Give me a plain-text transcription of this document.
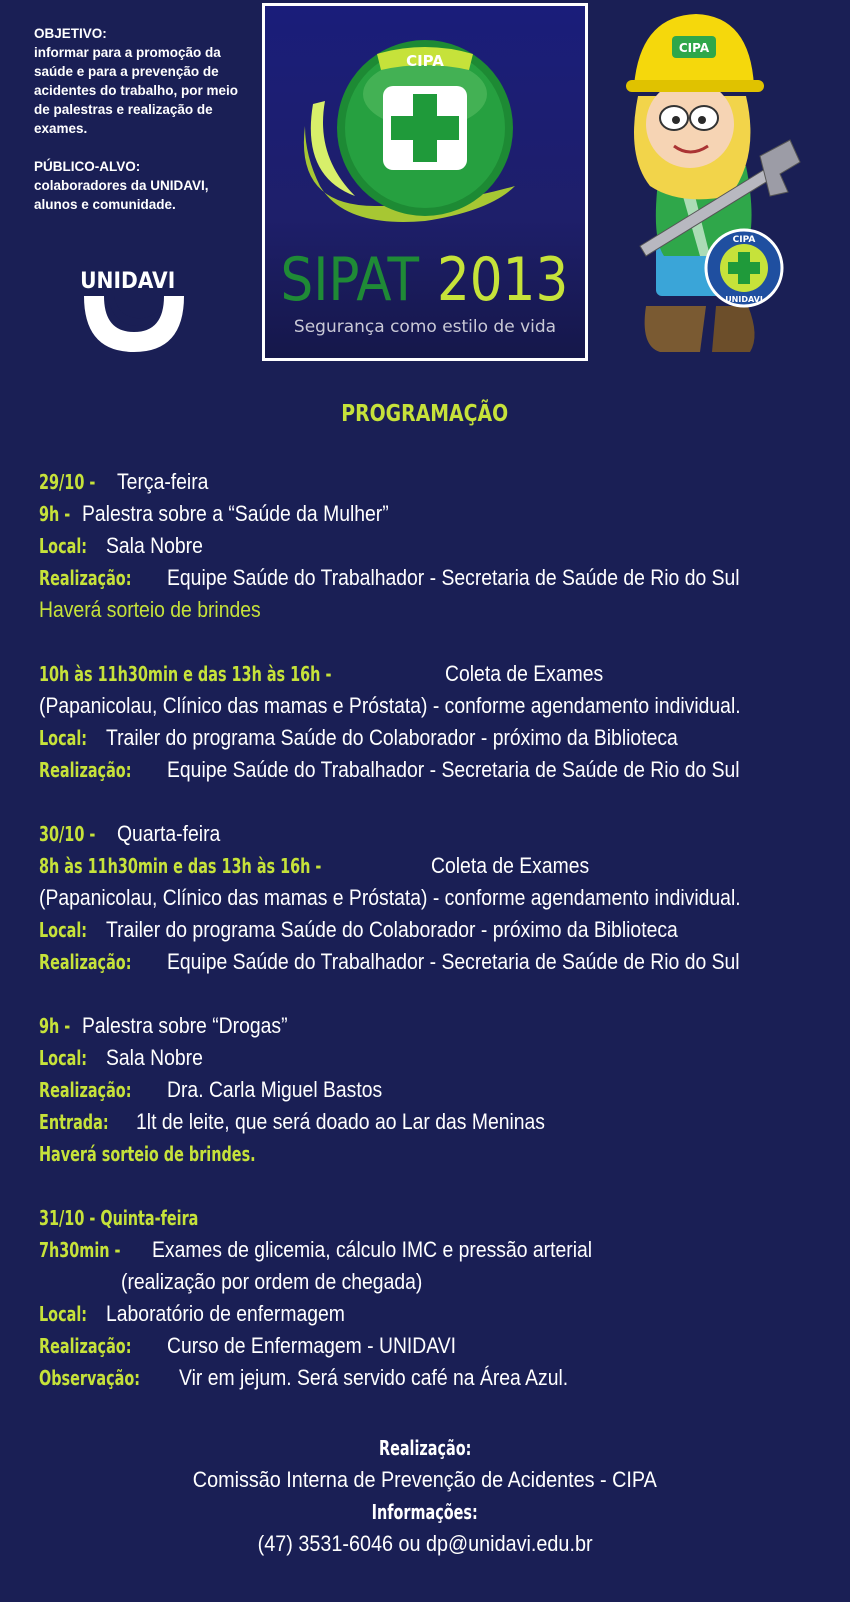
OBJETIVO:
informar para a promoção da saúde e para a prevenção de acidentes do trabalho, por meio de palestras e realização de exames.

PÚBLICO-ALVO:
colaboradores da UNIDAVI, alunos e comunidade.

UNIDAVI
CIPA
SIPAT 2013
Segurança como estilo de vida
CIPA
CIPA
UNIDAVI
PROGRAMAÇÃO
29/10 - Terça-feira
9h - Palestra sobre a “Saúde da Mulher”
Local: Sala Nobre
Realização: Equipe Saúde do Trabalhador - Secretaria de Saúde de Rio do Sul
Haverá sorteio de brindes
10h às 11h30min e das 13h às 16h -	Coleta de Exames
(Papanicolau, Clínico das mamas e Próstata) - conforme agendamento individual.
Local: Trailer do programa Saúde do Colaborador - próximo da Biblioteca
Realização: Equipe Saúde do Trabalhador - Secretaria de Saúde de Rio do Sul
30/10 - Quarta-feira
8h às 11h30min e das 13h às 16h -	Coleta de Exames
(Papanicolau, Clínico das mamas e Próstata) - conforme agendamento individual.
Local: Trailer do programa Saúde do Colaborador - próximo da Biblioteca
Realização: Equipe Saúde do Trabalhador - Secretaria de Saúde de Rio do Sul
9h - Palestra sobre “Drogas”
Local: Sala Nobre
Realização: Dra. Carla Miguel Bastos
Entrada: 1lt de leite, que será doado ao Lar das Meninas
Haverá sorteio de brindes.
31/10 - Quinta-feira
7h30min - Exames de glicemia, cálculo IMC e pressão arterial
(realização por ordem de chegada)
Local: Laboratório de enfermagem
Realização: Curso de Enfermagem - UNIDAVI
Observação: Vir em jejum. Será servido café na Área Azul.
Realização:
Comissão Interna de Prevenção de Acidentes - CIPA
Informações:
(47) 3531-6046 ou dp@unidavi.edu.br
